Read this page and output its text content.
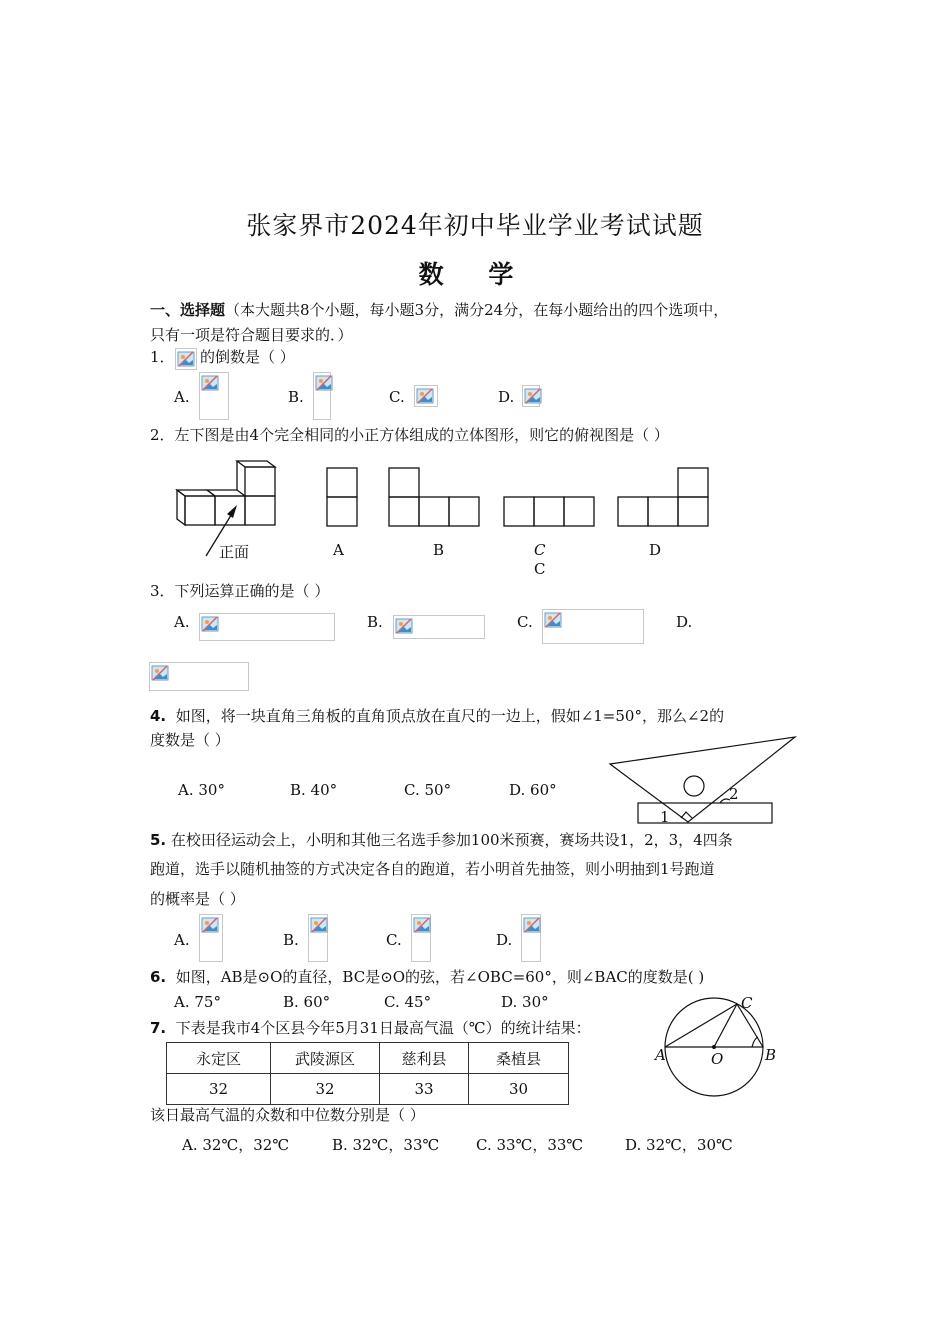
张家界市2024年初中毕业学业考试试题
数 学
一、选择题（本大题共8个小题，每小题3分，满分24分，在每小题给出的四个选项中，
只有一项是符合题目要求的．）
1． 的倒数是（ ）
A.	B.	C.	D.
2．左下图是由4个完全相同的小正方体组成的立体图形，则它的俯视图是（ ）
正面	A	B	C
C
D
3．下列运算正确的是（ ）
A.	B.	C.	D.
4. 如图，将一块直角三角板的直角顶点放在直尺的一边上，假如∠1=50°，那么∠2的
度数是（ ）
A. 30°	B. 40°	C. 50°	D. 60°	2
1
5. 在校田径运动会上，小明和其他三名选手参加100米预赛，赛场共设1，2，3，4四条
跑道，选手以随机抽签的方式决定各自的跑道，若小明首先抽签，则小明抽到1号跑道
的概率是（ ）
A.	B.	C.	D.
6. 如图，AB是⊙O的直径，BC是⊙O的弦，若∠OBC=60°，则∠BAC的度数是( )
A. 75°	B. 60°	C. 45°	D. 30°
A	O	B
C
7. 下表是我市4个区县今年5月31日最高气温（℃）的统计结果：
永定区	武陵源区	慈利县	桑植县
32	32	33	30
该日最高气温的众数和中位数分别是（ ）
A. 32℃，32℃	B. 32℃，33℃ C. 33℃，33℃	D. 32℃，30℃
